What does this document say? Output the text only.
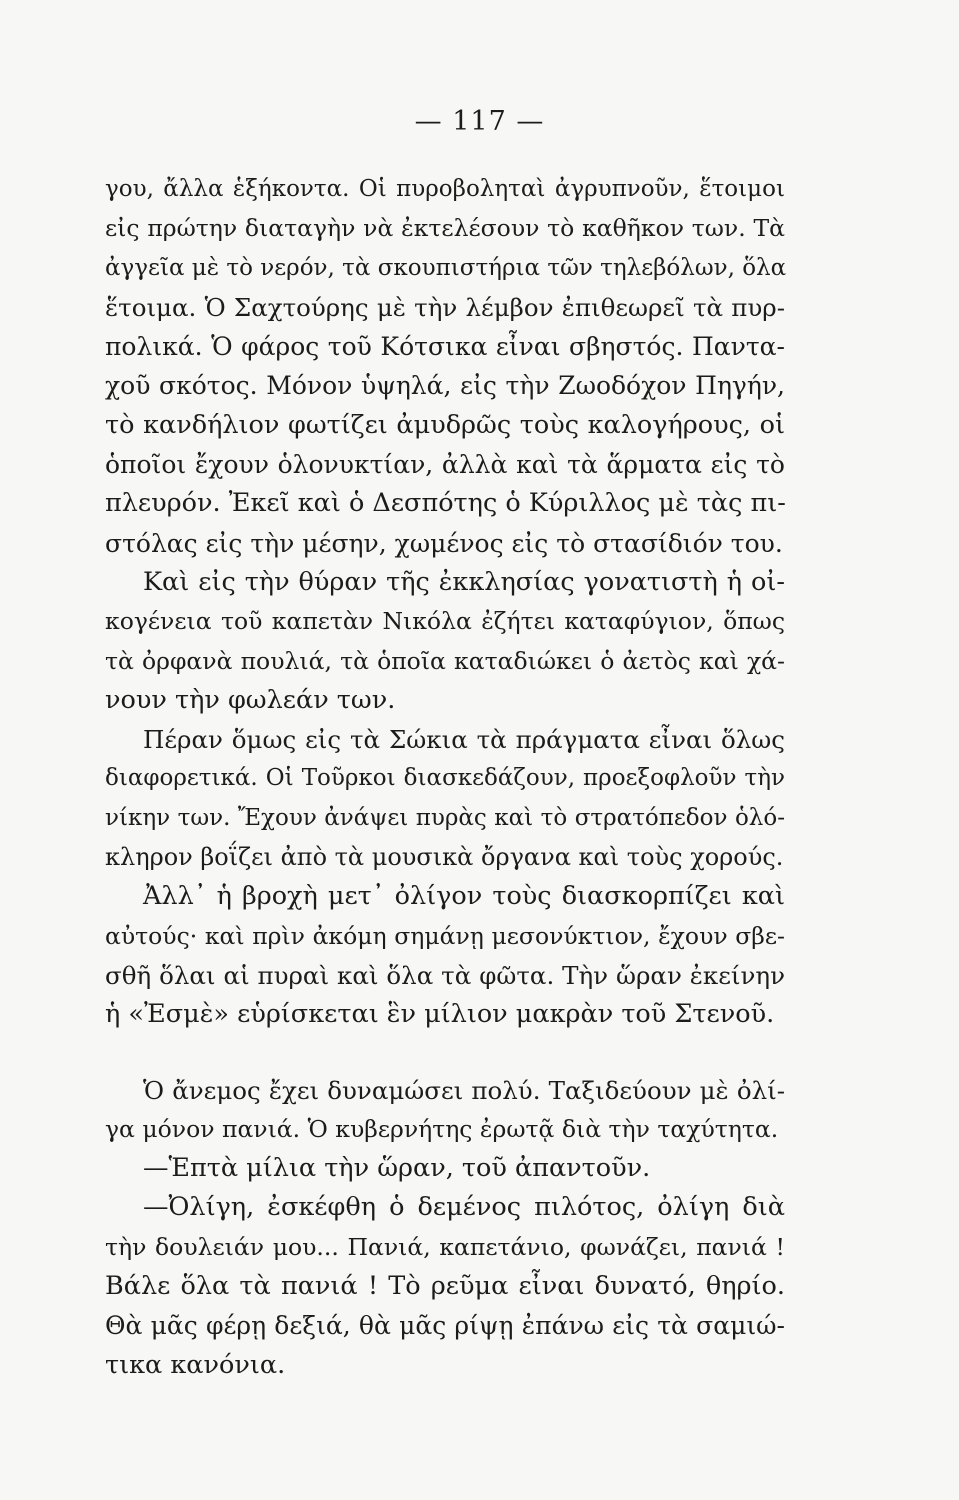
— 117 —
γου, ἄλλα ἑξήκοντα. Οἱ πυροβοληταὶ ἀγρυπνοῦν, ἕτοιμοι
εἰς πρώτην διαταγὴν νὰ ἐκτελέσουν τὸ καθῆκον των. Τὰ
ἀγγεῖα μὲ τὸ νερόν, τὰ σκουπιστήρια τῶν τηλεβόλων, ὅλα
ἕτοιμα. Ὁ Σαχτούρης μὲ τὴν λέμβον ἐπιθεωρεῖ τὰ πυρ-
πολικά. Ὁ φάρος τοῦ Κότσικα εἶναι σβηστός. Παντα-
χοῦ σκότος. Μόνον ὑψηλά, εἰς τὴν Ζωοδόχον Πηγήν,
τὸ κανδήλιον φωτίζει ἀμυδρῶς τοὺς καλογήρους, οἱ
ὁποῖοι ἔχουν ὁλονυκτίαν, ἀλλὰ καὶ τὰ ἅρματα εἰς τὸ
πλευρόν. Ἐκεῖ καὶ ὁ Δεσπότης ὁ Κύριλλος μὲ τὰς πι-
στόλας εἰς τὴν μέσην, χωμένος εἰς τὸ στασίδιόν του.
Καὶ εἰς τὴν θύραν τῆς ἐκκλησίας γονατιστὴ ἡ οἰ-
κογένεια τοῦ καπετὰν Νικόλα ἐζήτει καταφύγιον, ὅπως
τὰ ὀρφανὰ πουλιά, τὰ ὁποῖα καταδιώκει ὁ ἀετὸς καὶ χά-
νουν τὴν φωλεάν των.
Πέραν ὅμως εἰς τὰ Σώκια τὰ πράγματα εἶναι ὅλως
διαφορετικά. Οἱ Τοῦρκοι διασκεδάζουν, προεξοφλοῦν τὴν
νίκην των. Ἔχουν ἀνάψει πυρὰς καὶ τὸ στρατόπεδον ὁλό-
κληρον βοΐζει ἀπὸ τὰ μουσικὰ ὄργανα καὶ τοὺς χορούς.
Ἀλλ᾽ ἡ βροχὴ μετ᾽ ὀλίγον τοὺς διασκορπίζει καὶ
αὐτούς· καὶ πρὶν ἀκόμη σημάνῃ μεσονύκτιον, ἔχουν σβε-
σθῆ ὅλαι αἱ πυραὶ καὶ ὅλα τὰ φῶτα. Τὴν ὥραν ἐκείνην
ἡ «Ἐσμὲ» εὑρίσκεται ἓν μίλιον μακρὰν τοῦ Στενοῦ.
Ὁ ἄνεμος ἔχει δυναμώσει πολύ. Ταξιδεύουν μὲ ὀλί-
γα μόνον πανιά. Ὁ κυβερνήτης ἐρωτᾷ διὰ τὴν ταχύτητα.
—Ἑπτὰ μίλια τὴν ὥραν, τοῦ ἀπαντοῦν.
—Ὀλίγη, ἐσκέφθη ὁ δεμένος πιλότος, ὀλίγη διὰ
τὴν δουλειάν μου... Πανιά, καπετάνιο, φωνάζει, πανιά !
Βάλε ὅλα τὰ πανιά ! Τὸ ρεῦμα εἶναι δυνατό, θηρίο.
Θὰ μᾶς φέρῃ δεξιά, θὰ μᾶς ρίψῃ ἐπάνω εἰς τὰ σαμιώ-
τικα κανόνια.
